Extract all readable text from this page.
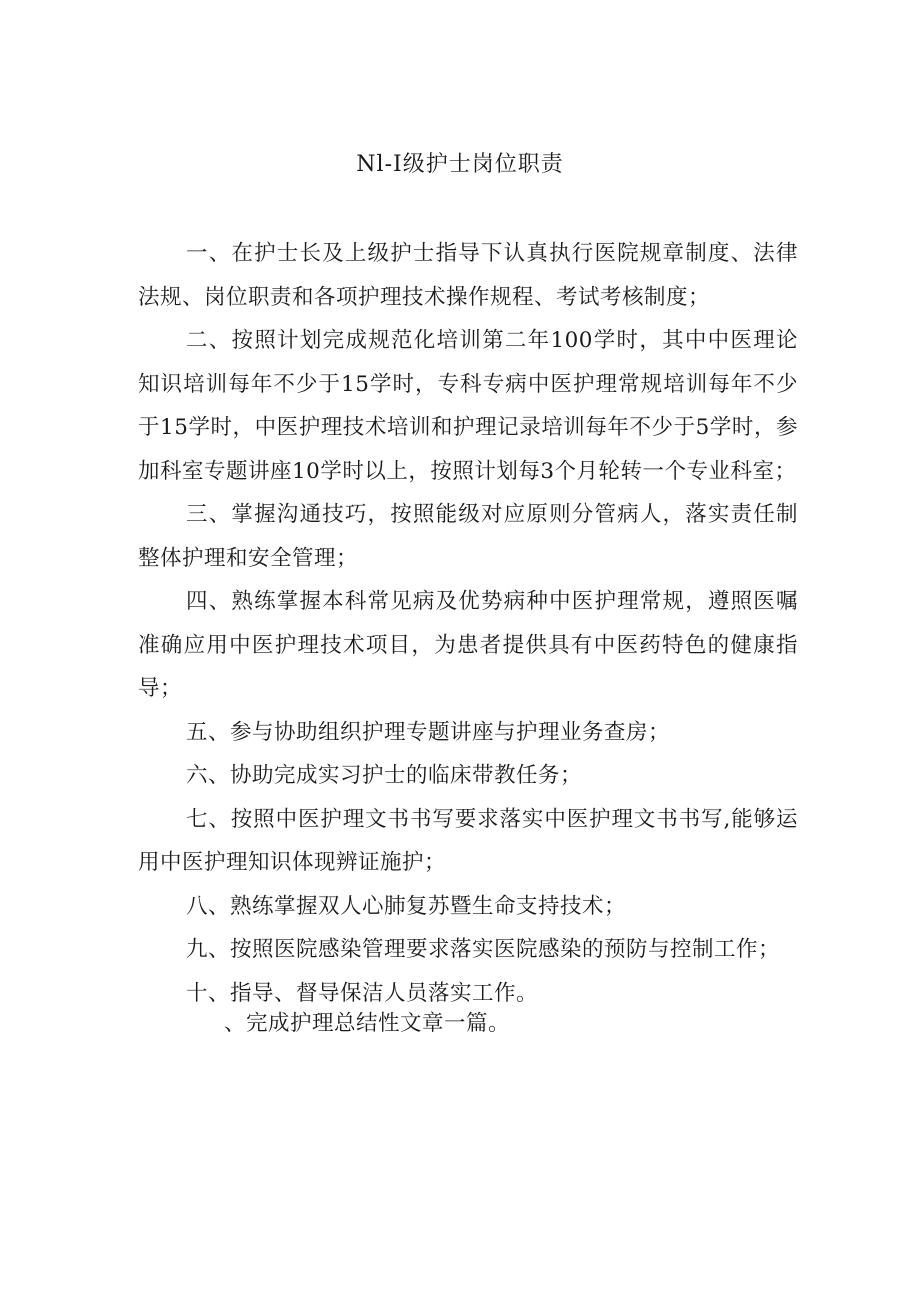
Nl-I级护士岗位职责

一、在护士长及上级护士指导下认真执行医院规章制度、法律法规、岗位职责和各项护理技术操作规程、考试考核制度；

二、按照计划完成规范化培训第二年100学时，其中中医理论知识培训每年不少于15学时，专科专病中医护理常规培训每年不少于15学时，中医护理技术培训和护理记录培训每年不少于5学时，参加科室专题讲座10学时以上，按照计划每3个月轮转一个专业科室；

三、掌握沟通技巧，按照能级对应原则分管病人，落实责任制整体护理和安全管理；

四、熟练掌握本科常见病及优势病种中医护理常规，遵照医嘱准确应用中医护理技术项目，为患者提供具有中医药特色的健康指导；

五、参与协助组织护理专题讲座与护理业务查房；

六、协助完成实习护士的临床带教任务；

七、按照中医护理文书书写要求落实中医护理文书书写,能够运用中医护理知识体现辨证施护；

八、熟练掌握双人心肺复苏暨生命支持技术；

九、按照医院感染管理要求落实医院感染的预防与控制工作；

十、指导、督导保洁人员落实工作。

、完成护理总结性文章一篇。
